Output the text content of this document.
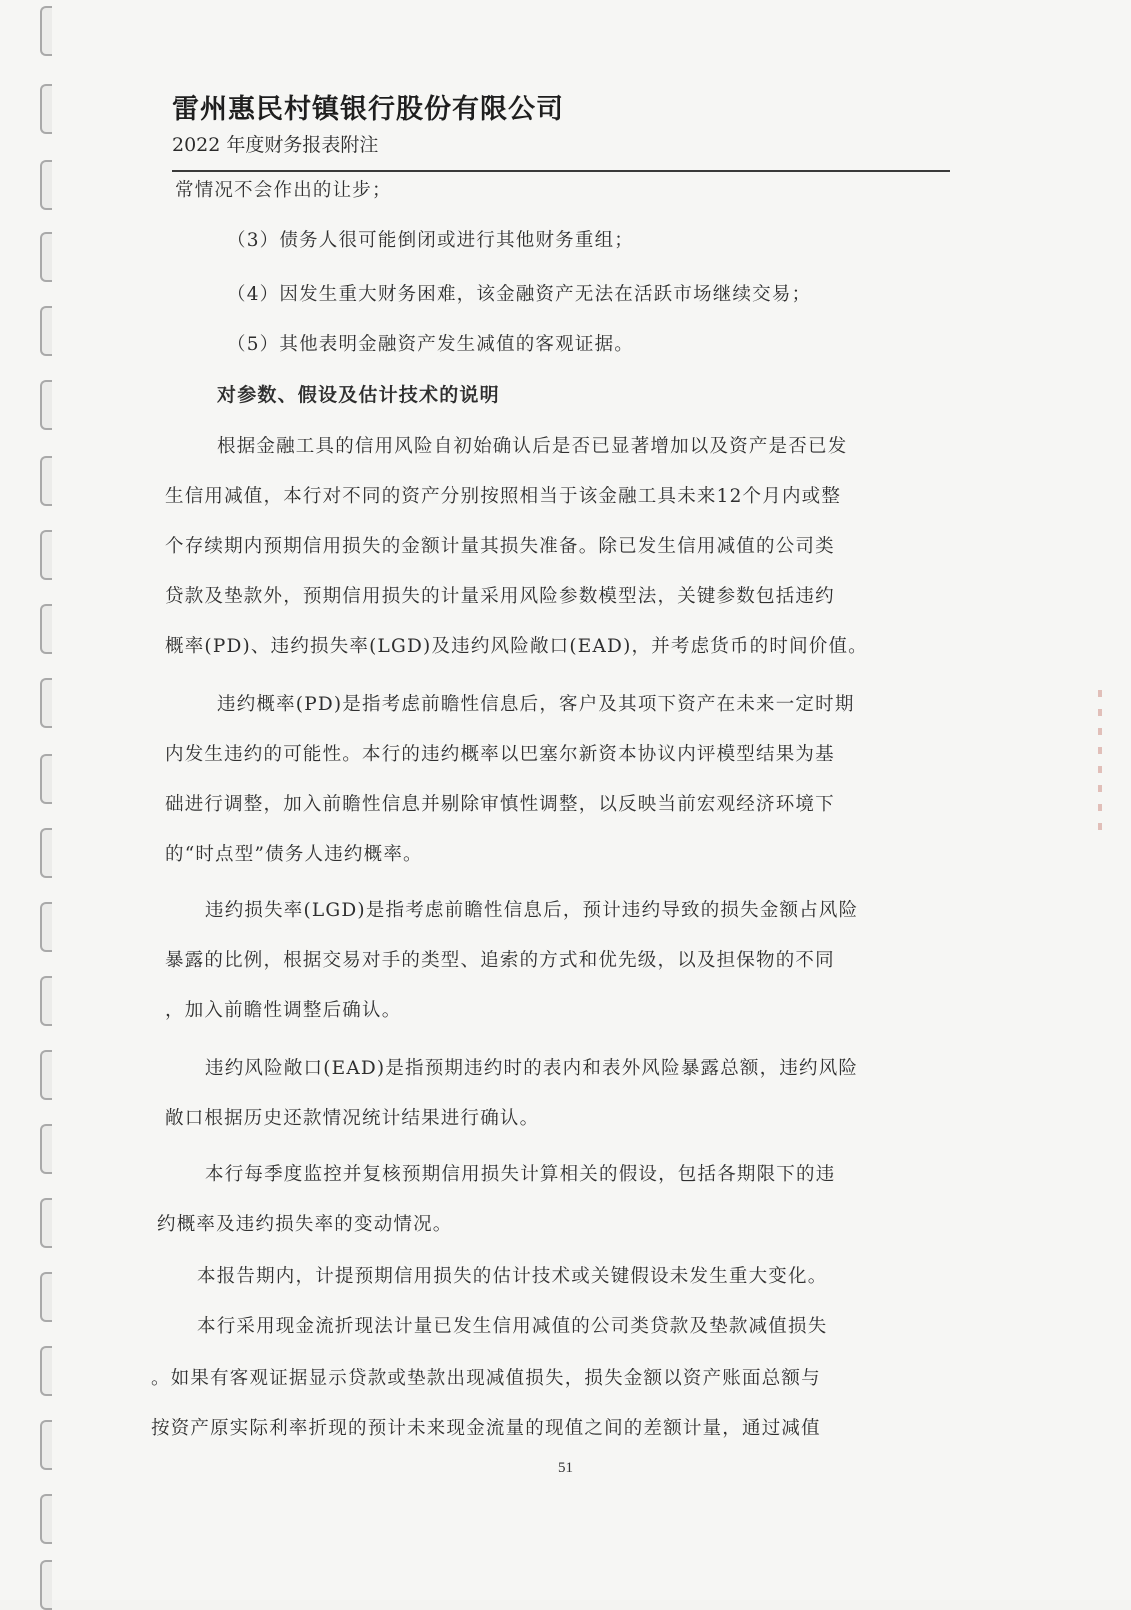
雷州惠民村镇银行股份有限公司
2022 年度财务报表附注
常情况不会作出的让步；
（3）债务人很可能倒闭或进行其他财务重组；
（4）因发生重大财务困难，该金融资产无法在活跃市场继续交易；
（5）其他表明金融资产发生减值的客观证据。
对参数、假设及估计技术的说明
根据金融工具的信用风险自初始确认后是否已显著增加以及资产是否已发
生信用减值，本行对不同的资产分别按照相当于该金融工具未来12个月内或整
个存续期内预期信用损失的金额计量其损失准备。除已发生信用减值的公司类
贷款及垫款外，预期信用损失的计量采用风险参数模型法，关键参数包括违约
概率(PD)、违约损失率(LGD)及违约风险敞口(EAD)，并考虑货币的时间价值。
违约概率(PD)是指考虑前瞻性信息后，客户及其项下资产在未来一定时期
内发生违约的可能性。本行的违约概率以巴塞尔新资本协议内评模型结果为基
础进行调整，加入前瞻性信息并剔除审慎性调整，以反映当前宏观经济环境下
的“时点型”债务人违约概率。
违约损失率(LGD)是指考虑前瞻性信息后，预计违约导致的损失金额占风险
暴露的比例，根据交易对手的类型、追索的方式和优先级，以及担保物的不同
，加入前瞻性调整后确认。
违约风险敞口(EAD)是指预期违约时的表内和表外风险暴露总额，违约风险
敞口根据历史还款情况统计结果进行确认。
本行每季度监控并复核预期信用损失计算相关的假设，包括各期限下的违
约概率及违约损失率的变动情况。
本报告期内，计提预期信用损失的估计技术或关键假设未发生重大变化。
本行采用现金流折现法计量已发生信用减值的公司类贷款及垫款减值损失
。如果有客观证据显示贷款或垫款出现减值损失，损失金额以资产账面总额与
按资产原实际利率折现的预计未来现金流量的现值之间的差额计量，通过减值
51
